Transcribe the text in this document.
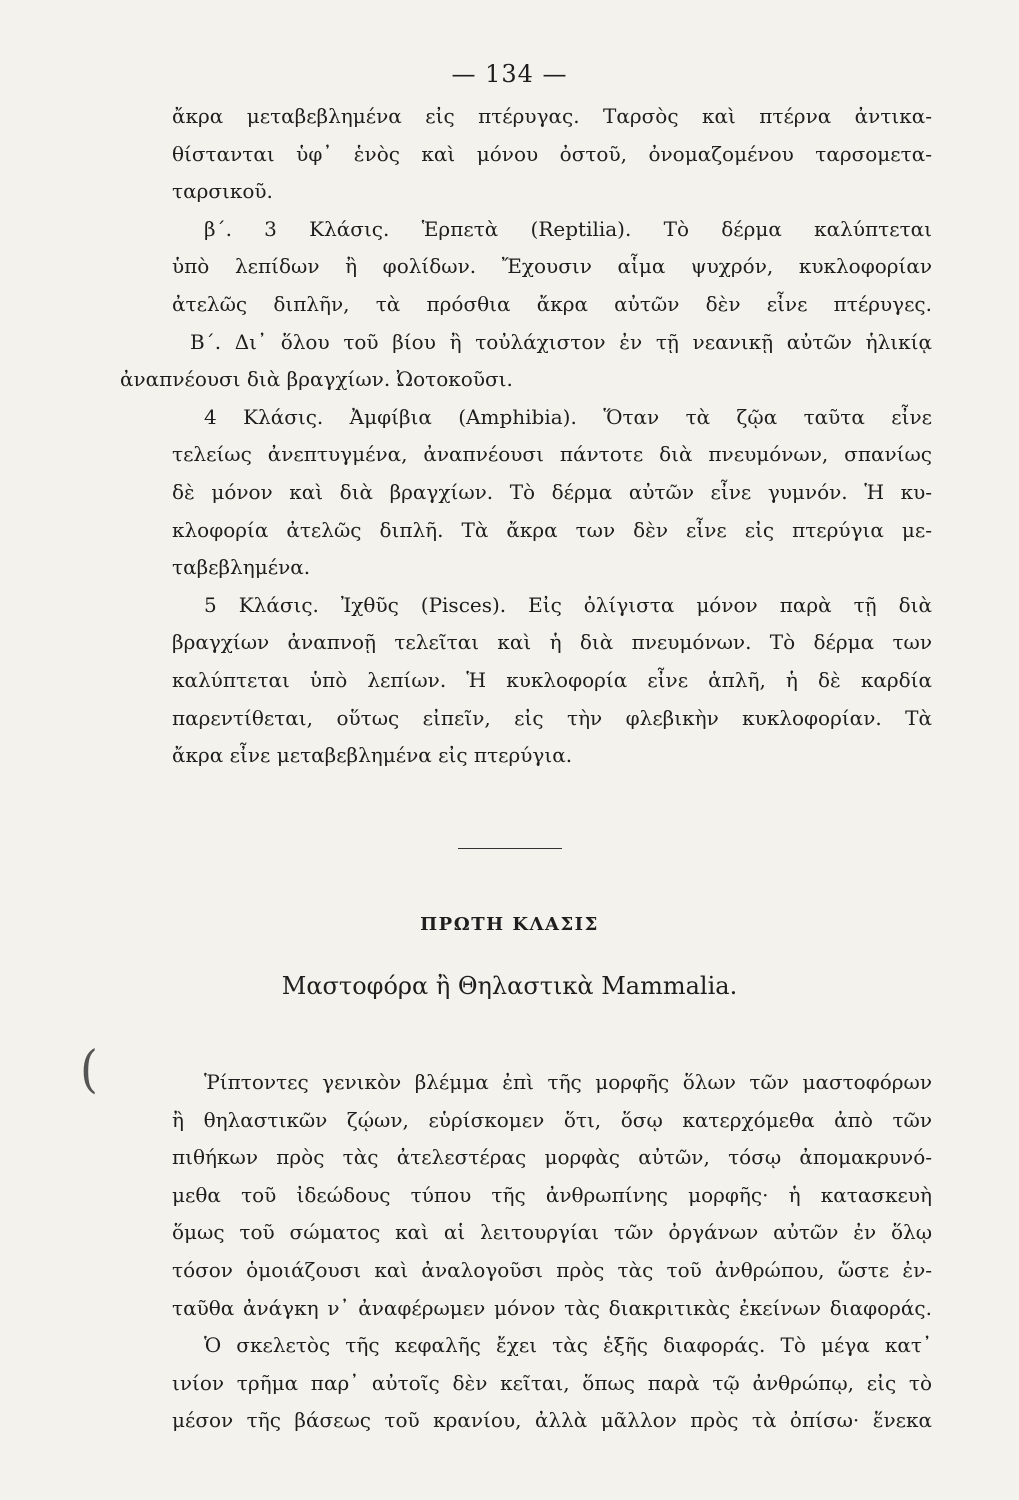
— 134 —
ἄκρα μεταβεβλημένα εἰς πτέρυγας. Ταρσὸς καὶ πτέρνα ἀντικα-
θίστανται ὑφ᾽ ἑνὸς καὶ μόνου ὀστοῦ, ὀνομαζομένου ταρσομετα-
ταρσικοῦ.
β΄. 3 Κλάσις. Ἑρπετὰ (Reptilia). Τὸ δέρμα καλύπτεται
ὑπὸ λεπίδων ἢ φολίδων. Ἔχουσιν αἷμα ψυχρόν, κυκλοφορίαν
ἀτελῶς διπλῆν, τὰ πρόσθια ἄκρα αὐτῶν δὲν εἶνε πτέρυγες.
Β΄. Δι᾽ ὅλου τοῦ βίου ἢ τοὐλάχιστον ἐν τῇ νεανικῇ αὐτῶν ἡλικίᾳ
ἀναπνέουσι διὰ βραγχίων. Ὠοτοκοῦσι.
4 Κλάσις. Ἀμφίβια (Amphibia). Ὅταν τὰ ζῷα ταῦτα εἶνε
τελείως ἀνεπτυγμένα, ἀναπνέουσι πάντοτε διὰ πνευμόνων, σπανίως
δὲ μόνον καὶ διὰ βραγχίων. Τὸ δέρμα αὐτῶν εἶνε γυμνόν. Ἡ κυ-
κλοφορία ἀτελῶς διπλῆ. Τὰ ἄκρα των δὲν εἶνε εἰς πτερύγια με-
ταβεβλημένα.
5 Κλάσις. Ἰχθῦς (Pisces). Εἰς ὀλίγιστα μόνον παρὰ τῇ διὰ
βραγχίων ἀναπνοῇ τελεῖται καὶ ἡ διὰ πνευμόνων. Τὸ δέρμα των
καλύπτεται ὑπὸ λεπίων. Ἡ κυκλοφορία εἶνε ἁπλῆ, ἡ δὲ καρδία
παρεντίθεται, οὕτως εἰπεῖν, εἰς τὴν φλεβικὴν κυκλοφορίαν. Τὰ
ἄκρα εἶνε μεταβεβλημένα εἰς πτερύγια.
ΠΡΩΤΗ ΚΛΑΣΙΣ
Μαστοφόρα ἢ Θηλαστικὰ Mammalia.
(	Ῥίπτοντες γενικὸν βλέμμα ἐπὶ τῆς μορφῆς ὅλων τῶν μαστοφόρων
ἢ θηλαστικῶν ζῴων, εὑρίσκομεν ὅτι, ὅσῳ κατερχόμεθα ἀπὸ τῶν
πιθήκων πρὸς τὰς ἀτελεστέρας μορφὰς αὐτῶν, τόσῳ ἀπομακρυνό-
μεθα τοῦ ἰδεώδους τύπου τῆς ἀνθρωπίνης μορφῆς· ἡ κατασκευὴ
ὅμως τοῦ σώματος καὶ αἱ λειτουργίαι τῶν ὀργάνων αὐτῶν ἐν ὅλῳ
τόσον ὁμοιάζουσι καὶ ἀναλογοῦσι πρὸς τὰς τοῦ ἀνθρώπου, ὥστε ἐν-
ταῦθα ἀνάγκη ν᾽ ἀναφέρωμεν μόνον τὰς διακριτικὰς ἐκείνων διαφοράς.
Ὁ σκελετὸς τῆς κεφαλῆς ἔχει τὰς ἑξῆς διαφοράς. Τὸ μέγα κατ᾽
ινίον τρῆμα παρ᾽ αὐτοῖς δὲν κεῖται, ὅπως παρὰ τῷ ἀνθρώπῳ, εἰς τὸ
μέσον τῆς βάσεως τοῦ κρανίου, ἀλλὰ μᾶλλον πρὸς τὰ ὀπίσω· ἕνεκα
